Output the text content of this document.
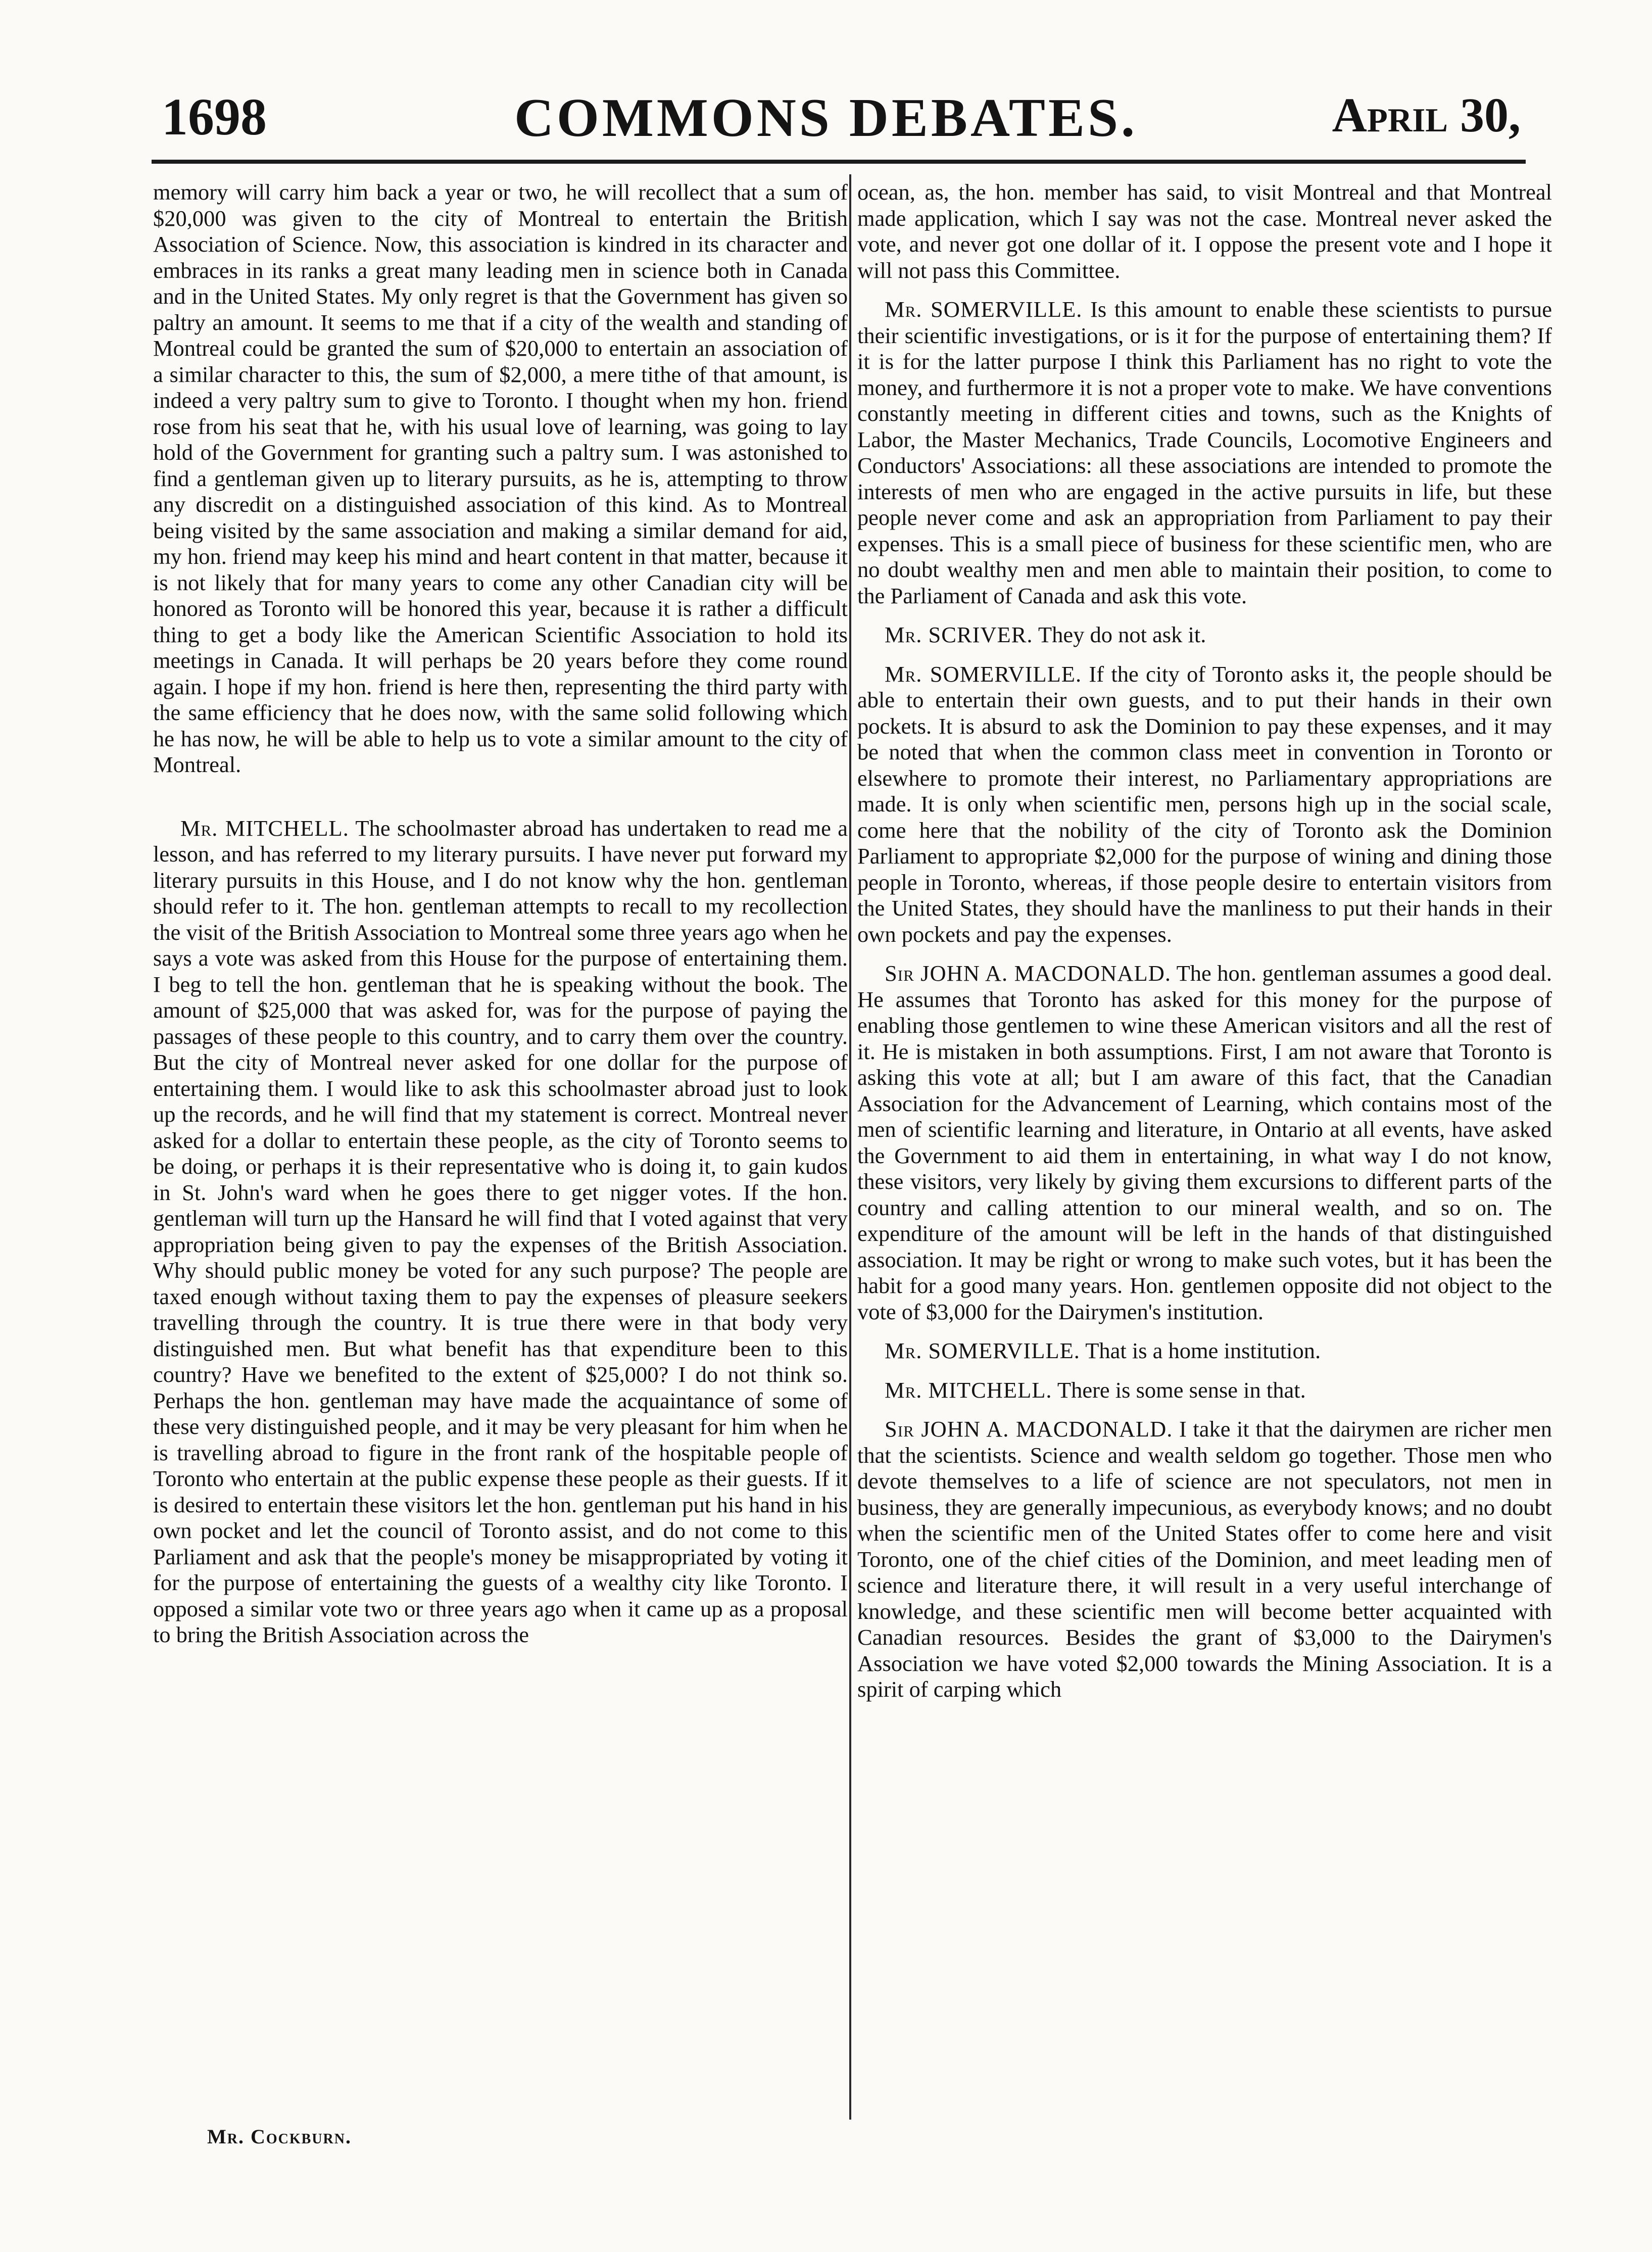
1698	COMMONS DEBATES.	April 30,

memory will carry him back a year or two, he will recollect that a sum of $20,000 was given to the city of Montreal to entertain the British Association of Science. Now, this association is kindred in its character and embraces in its ranks a great many leading men in science both in Canada and in the United States. My only regret is that the Government has given so paltry an amount. It seems to me that if a city of the wealth and standing of Montreal could be granted the sum of $20,000 to entertain an association of a similar character to this, the sum of $2,000, a mere tithe of that amount, is indeed a very paltry sum to give to Toronto. I thought when my hon. friend rose from his seat that he, with his usual love of learning, was going to lay hold of the Government for granting such a paltry sum. I was astonished to find a gentleman given up to literary pursuits, as he is, attempting to throw any discredit on a distinguished association of this kind. As to Montreal being visited by the same association and making a similar demand for aid, my hon. friend may keep his mind and heart content in that matter, because it is not likely that for many years to come any other Canadian city will be honored as Toronto will be honored this year, because it is rather a difficult thing to get a body like the American Scientific Association to hold its meetings in Canada. It will perhaps be 20 years before they come round again. I hope if my hon. friend is here then, representing the third party with the same efficiency that he does now, with the same solid following which he has now, he will be able to help us to vote a similar amount to the city of Montreal.

Mr. MITCHELL. The schoolmaster abroad has undertaken to read me a lesson, and has referred to my literary pursuits. I have never put forward my literary pursuits in this House, and I do not know why the hon. gentleman should refer to it. The hon. gentleman attempts to recall to my recollection the visit of the British Association to Montreal some three years ago when he says a vote was asked from this House for the purpose of entertaining them. I beg to tell the hon. gentleman that he is speaking without the book. The amount of $25,000 that was asked for, was for the purpose of paying the passages of these people to this country, and to carry them over the country. But the city of Montreal never asked for one dollar for the purpose of entertaining them. I would like to ask this schoolmaster abroad just to look up the records, and he will find that my statement is correct. Montreal never asked for a dollar to entertain these people, as the city of Toronto seems to be doing, or perhaps it is their representative who is doing it, to gain kudos in St. John's ward when he goes there to get nigger votes. If the hon. gentleman will turn up the Hansard he will find that I voted against that very appropriation being given to pay the expenses of the British Association. Why should public money be voted for any such purpose? The people are taxed enough without taxing them to pay the expenses of pleasure seekers travelling through the country. It is true there were in that body very distinguished men. But what benefit has that expenditure been to this country? Have we benefited to the extent of $25,000? I do not think so. Perhaps the hon. gentleman may have made the acquaintance of some of these very distinguished people, and it may be very pleasant for him when he is travelling abroad to figure in the front rank of the hospitable people of Toronto who entertain at the public expense these people as their guests. If it is desired to entertain these visitors let the hon. gentleman put his hand in his own pocket and let the council of Toronto assist, and do not come to this Parliament and ask that the people's money be misappropriated by voting it for the purpose of entertaining the guests of a wealthy city like Toronto. I opposed a similar vote two or three years ago when it came up as a proposal to bring the British Association across the

ocean, as, the hon. member has said, to visit Montreal and that Montreal made application, which I say was not the case. Montreal never asked the vote, and never got one dollar of it. I oppose the present vote and I hope it will not pass this Committee.

Mr. SOMERVILLE. Is this amount to enable these scientists to pursue their scientific investigations, or is it for the purpose of entertaining them? If it is for the latter purpose I think this Parliament has no right to vote the money, and furthermore it is not a proper vote to make. We have conventions constantly meeting in different cities and towns, such as the Knights of Labor, the Master Mechanics, Trade Councils, Locomotive Engineers and Conductors' Associations: all these associations are intended to promote the interests of men who are engaged in the active pursuits in life, but these people never come and ask an appropriation from Parliament to pay their expenses. This is a small piece of business for these scientific men, who are no doubt wealthy men and men able to maintain their position, to come to the Parliament of Canada and ask this vote.

Mr. SCRIVER. They do not ask it.

Mr. SOMERVILLE. If the city of Toronto asks it, the people should be able to entertain their own guests, and to put their hands in their own pockets. It is absurd to ask the Dominion to pay these expenses, and it may be noted that when the common class meet in convention in Toronto or elsewhere to promote their interest, no Parliamentary appropriations are made. It is only when scientific men, persons high up in the social scale, come here that the nobility of the city of Toronto ask the Dominion Parliament to appropriate $2,000 for the purpose of wining and dining those people in Toronto, whereas, if those people desire to entertain visitors from the United States, they should have the manliness to put their hands in their own pockets and pay the expenses.

Sir JOHN A. MACDONALD. The hon. gentleman assumes a good deal. He assumes that Toronto has asked for this money for the purpose of enabling those gentlemen to wine these American visitors and all the rest of it. He is mistaken in both assumptions. First, I am not aware that Toronto is asking this vote at all; but I am aware of this fact, that the Canadian Association for the Advancement of Learning, which contains most of the men of scientific learning and literature, in Ontario at all events, have asked the Government to aid them in entertaining, in what way I do not know, these visitors, very likely by giving them excursions to different parts of the country and calling attention to our mineral wealth, and so on. The expenditure of the amount will be left in the hands of that distinguished association. It may be right or wrong to make such votes, but it has been the habit for a good many years. Hon. gentlemen opposite did not object to the vote of $3,000 for the Dairymen's institution.

Mr. SOMERVILLE. That is a home institution.

Mr. MITCHELL. There is some sense in that.

Sir JOHN A. MACDONALD. I take it that the dairymen are richer men that the scientists. Science and wealth seldom go together. Those men who devote themselves to a life of science are not speculators, not men in business, they are generally impecunious, as everybody knows; and no doubt when the scientific men of the United States offer to come here and visit Toronto, one of the chief cities of the Dominion, and meet leading men of science and literature there, it will result in a very useful interchange of knowledge, and these scientific men will become better acquainted with Canadian resources. Besides the grant of $3,000 to the Dairymen's Association we have voted $2,000 towards the Mining Association. It is a spirit of carping which

Mr. Cockburn.
